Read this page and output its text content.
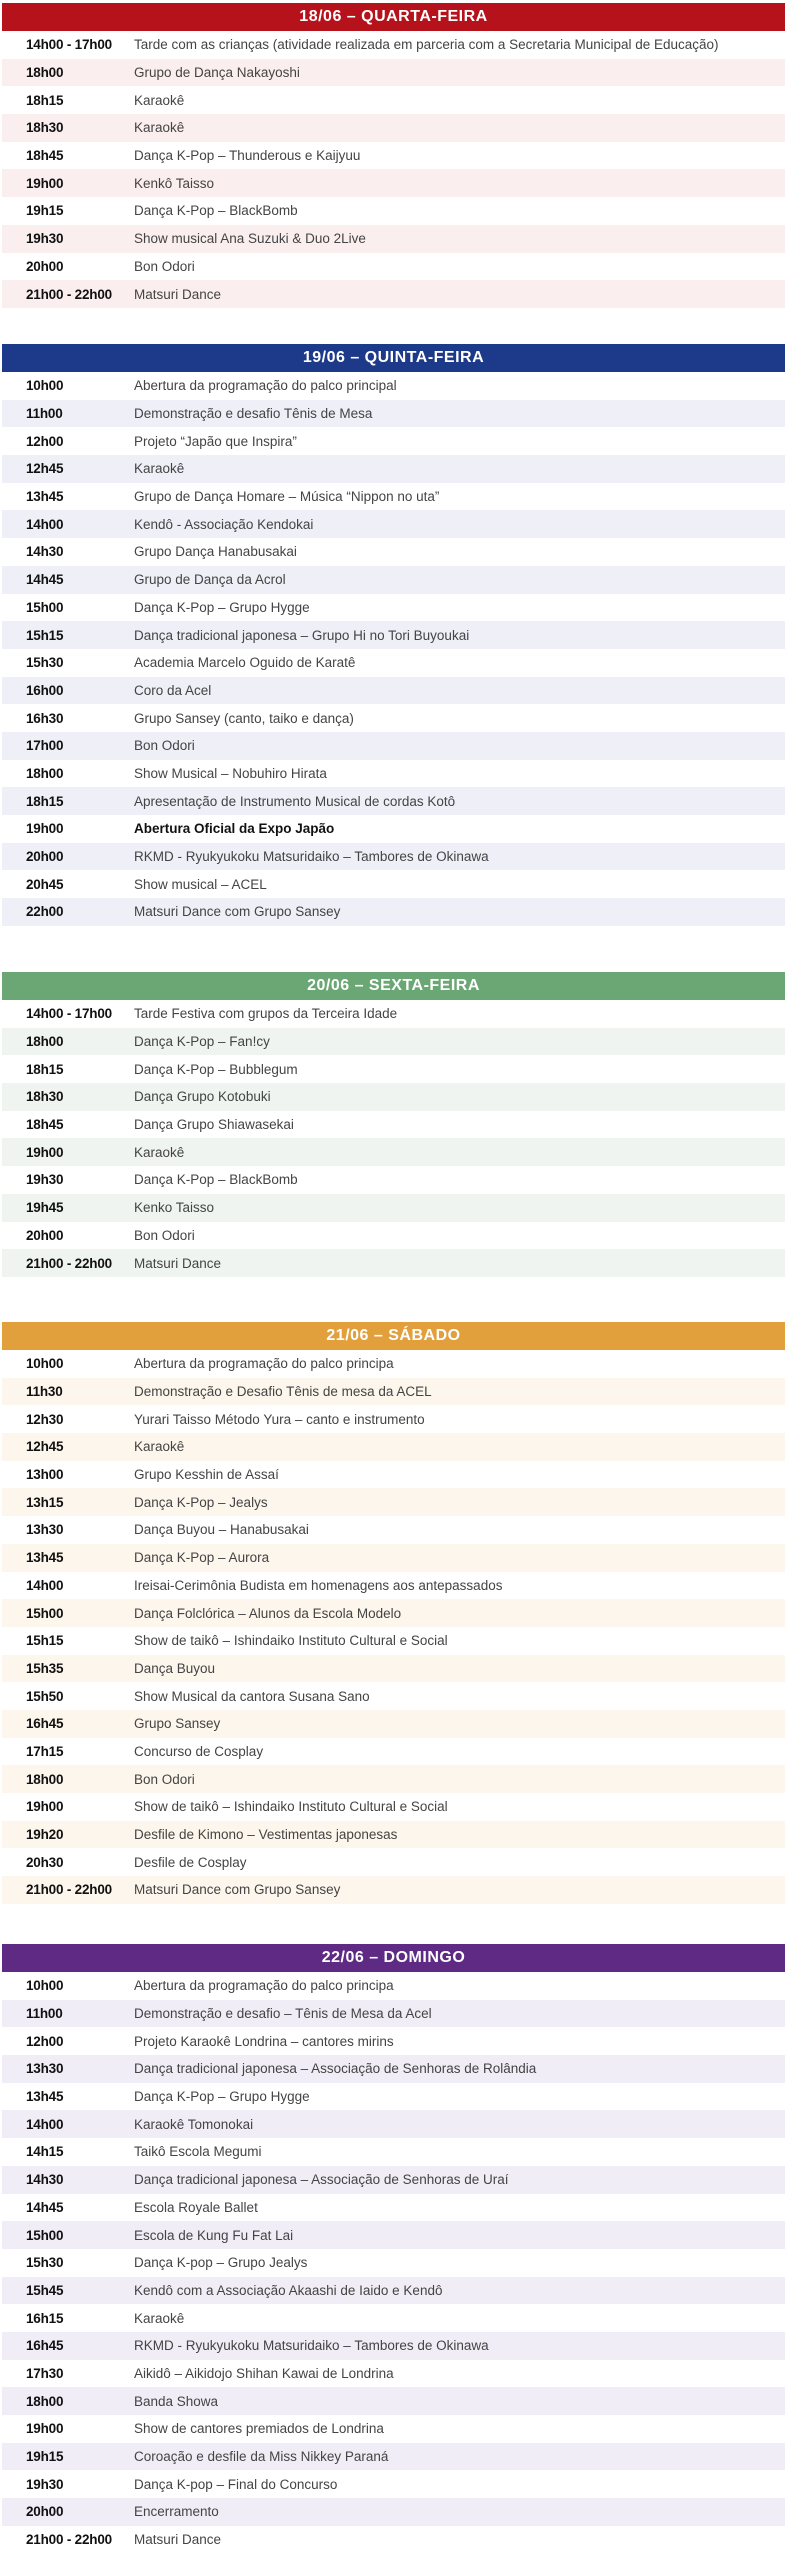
18/06 – QUARTA-FEIRA
14h00 - 17h00	Tarde com as crianças (atividade realizada em parceria com a Secretaria Municipal de Educação)
18h00	Grupo de Dança Nakayoshi
18h15	Karaokê
18h30	Karaokê
18h45	Dança K-Pop – Thunderous e Kaijyuu
19h00	Kenkô Taisso
19h15	Dança K-Pop – BlackBomb
19h30	Show musical Ana Suzuki & Duo 2Live
20h00	Bon Odori
21h00 - 22h00	Matsuri Dance
19/06 – QUINTA-FEIRA
10h00	Abertura da programação do palco principal
11h00	Demonstração e desafio Tênis de Mesa
12h00	Projeto “Japão que Inspira”
12h45	Karaokê
13h45	Grupo de Dança Homare – Música “Nippon no uta”
14h00	Kendô - Associação Kendokai
14h30	Grupo Dança Hanabusakai
14h45	Grupo de Dança da Acrol
15h00	Dança K-Pop – Grupo Hygge
15h15	Dança tradicional japonesa – Grupo Hi no Tori Buyoukai
15h30	Academia Marcelo Oguido de Karatê
16h00	Coro da Acel
16h30	Grupo Sansey (canto, taiko e dança)
17h00	Bon Odori
18h00	Show Musical – Nobuhiro Hirata
18h15	Apresentação de Instrumento Musical de cordas Kotô
19h00	Abertura Oficial da Expo Japão
20h00	RKMD - Ryukyukoku Matsuridaiko – Tambores de Okinawa
20h45	Show musical – ACEL
22h00	Matsuri Dance com Grupo Sansey
20/06 – SEXTA-FEIRA
14h00 - 17h00	Tarde Festiva com grupos da Terceira Idade
18h00	Dança K-Pop – Fan!cy
18h15	Dança K-Pop – Bubblegum
18h30	Dança Grupo Kotobuki
18h45	Dança Grupo Shiawasekai
19h00	Karaokê
19h30	Dança K-Pop – BlackBomb
19h45	Kenko Taisso
20h00	Bon Odori
21h00 - 22h00	Matsuri Dance
21/06 – SÁBADO
10h00	Abertura da programação do palco principa
11h30	Demonstração e Desafio Tênis de mesa da ACEL
12h30	Yurari Taisso Método Yura – canto e instrumento
12h45	Karaokê
13h00	Grupo Kesshin de Assaí
13h15	Dança K-Pop – Jealys
13h30	Dança Buyou – Hanabusakai
13h45	Dança K-Pop – Aurora
14h00	Ireisai-Cerimônia Budista em homenagens aos antepassados
15h00	Dança Folclórica – Alunos da Escola Modelo
15h15	Show de taikô – Ishindaiko Instituto Cultural e Social
15h35	Dança Buyou
15h50	Show Musical da cantora Susana Sano
16h45	Grupo Sansey
17h15	Concurso de Cosplay
18h00	Bon Odori
19h00	Show de taikô – Ishindaiko Instituto Cultural e Social
19h20	Desfile de Kimono – Vestimentas japonesas
20h30	Desfile de Cosplay
21h00 - 22h00	Matsuri Dance com Grupo Sansey
22/06 – DOMINGO
10h00	Abertura da programação do palco principa
11h00	Demonstração e desafio – Tênis de Mesa da Acel
12h00	Projeto Karaokê Londrina – cantores mirins
13h30	Dança tradicional japonesa – Associação de Senhoras de Rolândia
13h45	Dança K-Pop – Grupo Hygge
14h00	Karaokê Tomonokai
14h15	Taikô Escola Megumi
14h30	Dança tradicional japonesa – Associação de Senhoras de Uraí
14h45	Escola Royale Ballet
15h00	Escola de Kung Fu Fat Lai
15h30	Dança K-pop – Grupo Jealys
15h45	Kendô com a Associação Akaashi de Iaido e Kendô
16h15	Karaokê
16h45	RKMD - Ryukyukoku Matsuridaiko – Tambores de Okinawa
17h30	Aikidô – Aikidojo Shihan Kawai de Londrina
18h00	Banda Showa
19h00	Show de cantores premiados de Londrina
19h15	Coroação e desfile da Miss Nikkey Paraná
19h30	Dança K-pop – Final do Concurso
20h00	Encerramento
21h00 - 22h00	Matsuri Dance
